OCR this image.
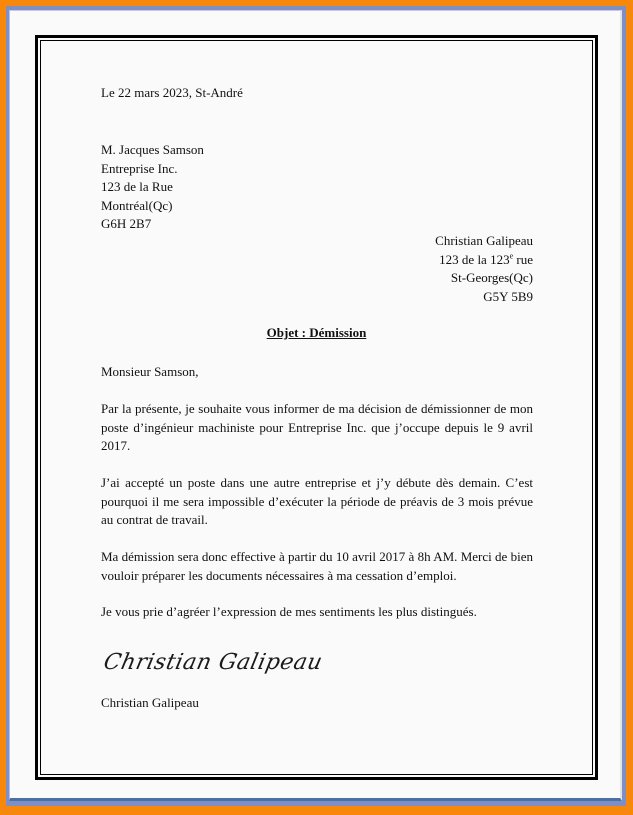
Le 22 mars 2023, St-André
M. Jacques Samson
Entreprise Inc.
123 de la Rue
Montréal(Qc)
G6H 2B7
Christian Galipeau
123 de la 123e rue
St-Georges(Qc)
G5Y 5B9
Objet : Démission
Monsieur Samson,
Par la présente, je souhaite vous informer de ma décision de démissionner de mon poste d’ingénieur machiniste pour Entreprise Inc. que j’occupe depuis le 9 avril 2017.
J’ai accepté un poste dans une autre entreprise et j’y débute dès demain. C’est pourquoi il me sera impossible d’exécuter la période de préavis de 3 mois prévue au contrat de travail.
Ma démission sera donc effective à partir du 10 avril 2017 à 8h AM. Merci de bien vouloir préparer les documents nécessaires à ma cessation d’emploi.
Je vous prie d’agréer l’expression de mes sentiments les plus distingués.
Christian Galipeau
Christian Galipeau
